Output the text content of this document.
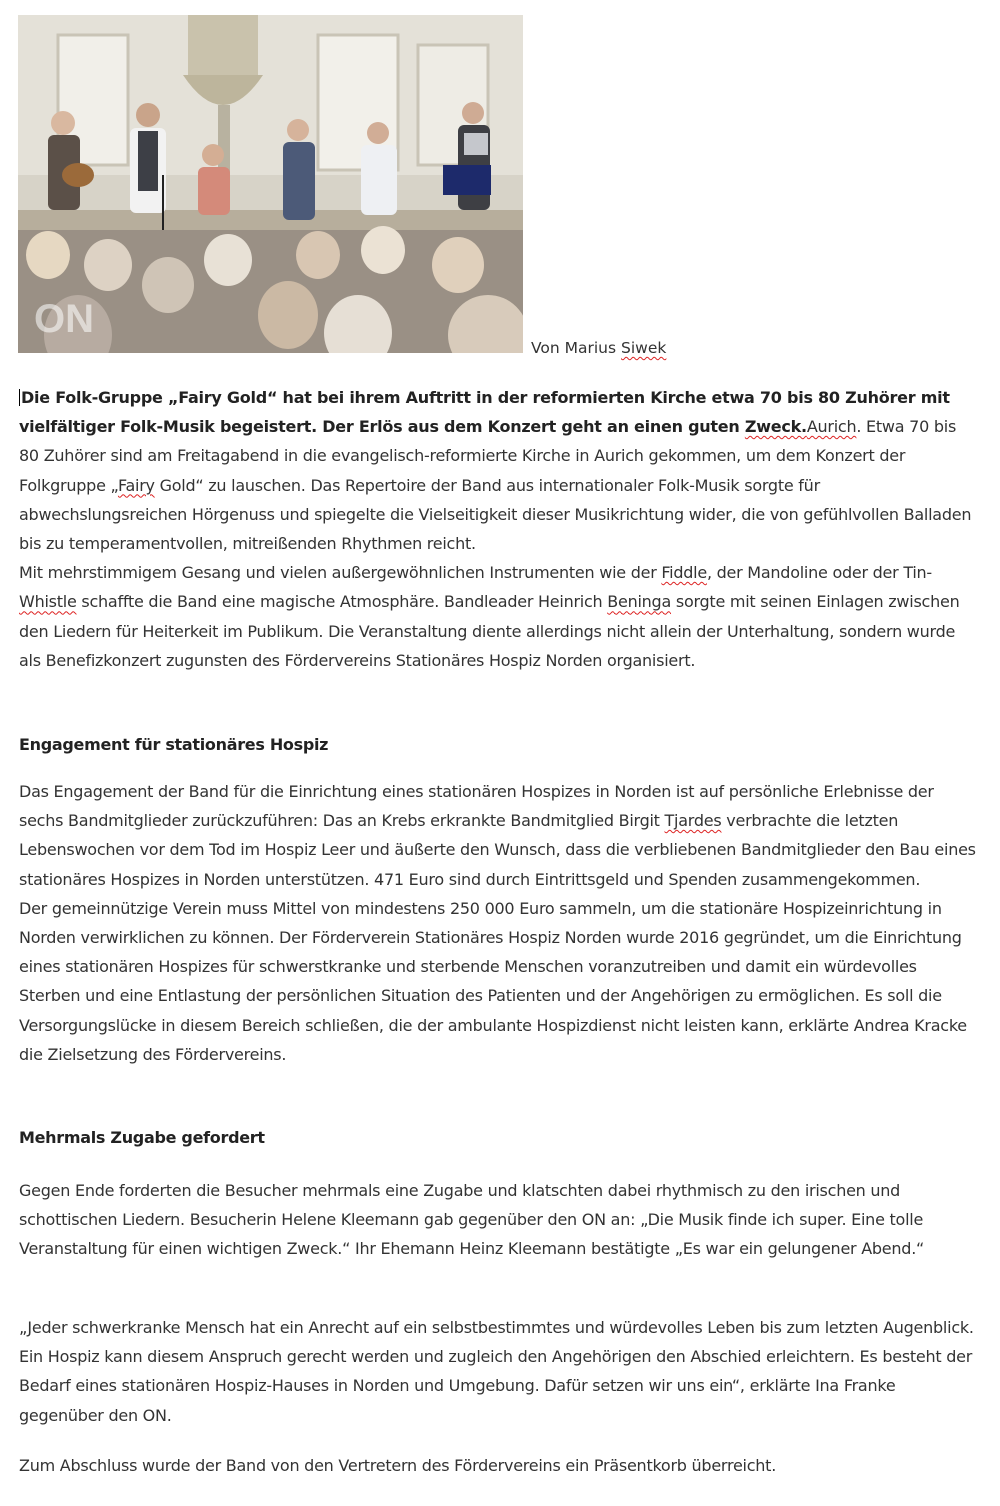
ON
Von Marius Siwek

Die Folk-Gruppe „Fairy Gold“ hat bei ihrem Auftritt in der reformierten Kirche etwa 70 bis 80 Zuhörer mit vielfältiger Folk-Musik begeistert. Der Erlös aus dem Konzert geht an einen guten Zweck.Aurich. Etwa 70 bis 80 Zuhörer sind am Freitagabend in die evangelisch-reformierte Kirche in Aurich gekommen, um dem Konzert der Folkgruppe „Fairy Gold“ zu lauschen. Das Repertoire der Band aus internationaler Folk-Musik sorgte für abwechslungsreichen Hörgenuss und spiegelte die Vielseitigkeit dieser Musikrichtung wider, die von gefühlvollen Balladen bis zu temperamentvollen, mitreißenden Rhythmen reicht.

Mit mehrstimmigem Gesang und vielen außergewöhnlichen Instrumenten wie der Fiddle, der Mandoline oder der Tin-Whistle schaffte die Band eine magische Atmosphäre. Bandleader Heinrich Beninga sorgte mit seinen Einlagen zwischen den Liedern für Heiterkeit im Publikum. Die Veranstaltung diente allerdings nicht allein der Unterhaltung, sondern wurde als Benefizkonzert zugunsten des Fördervereins Stationäres Hospiz Norden organisiert.

Engagement für stationäres Hospiz

Das Engagement der Band für die Einrichtung eines stationären Hospizes in Norden ist auf persönliche Erlebnisse der sechs Bandmitglieder zurückzuführen: Das an Krebs erkrankte Bandmitglied Birgit Tjardes verbrachte die letzten Lebenswochen vor dem Tod im Hospiz Leer und äußerte den Wunsch, dass die verbliebenen Bandmitglieder den Bau eines stationäres Hospizes in Norden unterstützen. 471 Euro sind durch Eintrittsgeld und Spenden zusammengekommen.

Der gemeinnützige Verein muss Mittel von mindestens 250 000 Euro sammeln, um die stationäre Hospizeinrichtung in Norden verwirklichen zu können. Der Förderverein Stationäres Hospiz Norden wurde 2016 gegründet, um die Einrichtung eines stationären Hospizes für schwerstkranke und sterbende Menschen voranzutreiben und damit ein würdevolles Sterben und eine Entlastung der persönlichen Situation des Patienten und der Angehörigen zu ermöglichen. Es soll die Versorgungslücke in diesem Bereich schließen, die der ambulante Hospizdienst nicht leisten kann, erklärte Andrea Kracke die Zielsetzung des Fördervereins.

Mehrmals Zugabe gefordert

Gegen Ende forderten die Besucher mehrmals eine Zugabe und klatschten dabei rhythmisch zu den irischen und schottischen Liedern. Besucherin Helene Kleemann gab gegenüber den ON an: „Die Musik finde ich super. Eine tolle Veranstaltung für einen wichtigen Zweck.“ Ihr Ehemann Heinz Kleemann bestätigte „Es war ein gelungener Abend.“

„Jeder schwerkranke Mensch hat ein Anrecht auf ein selbstbestimmtes und würdevolles Leben bis zum letzten Augenblick. Ein Hospiz kann diesem Anspruch gerecht werden und zugleich den Angehörigen den Abschied erleichtern. Es besteht der Bedarf eines stationären Hospiz-Hauses in Norden und Umgebung. Dafür setzen wir uns ein“, erklärte Ina Franke gegenüber den ON.

Zum Abschluss wurde der Band von den Vertretern des Fördervereins ein Präsentkorb überreicht.
